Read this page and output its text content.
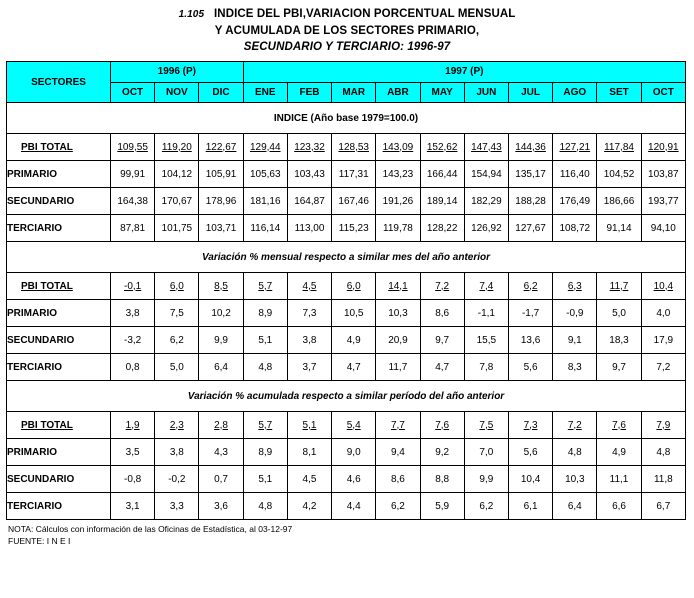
1.105 INDICE DEL PBI,VARIACION PORCENTUAL MENSUAL
Y ACUMULADA DE LOS SECTORES PRIMARIO,
SECUNDARIO Y TERCIARIO: 1996-97
SECTORES	1996 (P)			1997 (P)									
	OCT	NOV	DIC	ENE	FEB	MAR	ABR	MAY	JUN	JUL	AGO	SET	OCT
INDICE (Año base 1979=100.0)													
PBI TOTAL	109,55	119,20	122,67	129,44	123,32	128,53	143,09	152,62	147,43	144,36	127,21	117,84	120,91
PRIMARIO	99,91	104,12	105,91	105,63	103,43	117,31	143,23	166,44	154,94	135,17	116,40	104,52	103,87
SECUNDARIO	164,38	170,67	178,96	181,16	164,87	167,46	191,26	189,14	182,29	188,28	176,49	186,66	193,77
TERCIARIO	87,81	101,75	103,71	116,14	113,00	115,23	119,78	128,22	126,92	127,67	108,72	91,14	94,10
Variación % mensual respecto a similar mes del año anterior													
PBI TOTAL	-0,1	6,0	8,5	5,7	4,5	6,0	14,1	7,2	7,4	6,2	6,3	11,7	10,4
PRIMARIO	3,8	7,5	10,2	8,9	7,3	10,5	10,3	8,6	-1,1	-1,7	-0,9	5,0	4,0
SECUNDARIO	-3,2	6,2	9,9	5,1	3,8	4,9	20,9	9,7	15,5	13,6	9,1	18,3	17,9
TERCIARIO	0,8	5,0	6,4	4,8	3,7	4,7	11,7	4,7	7,8	5,6	8,3	9,7	7,2
Variación % acumulada respecto a similar período del año anterior													
PBI TOTAL	1,9	2,3	2,8	5,7	5,1	5,4	7,7	7,6	7,5	7,3	7,2	7,6	7,9
PRIMARIO	3,5	3,8	4,3	8,9	8,1	9,0	9,4	9,2	7,0	5,6	4,8	4,9	4,8
SECUNDARIO	-0,8	-0,2	0,7	5,1	4,5	4,6	8,6	8,8	9,9	10,4	10,3	11,1	11,8
TERCIARIO	3,1	3,3	3,6	4,8	4,2	4,4	6,2	5,9	6,2	6,1	6,4	6,6	6,7
NOTA: Cálculos con información de las Oficinas de Estadística, al 03-12-97
FUENTE: I N E I
